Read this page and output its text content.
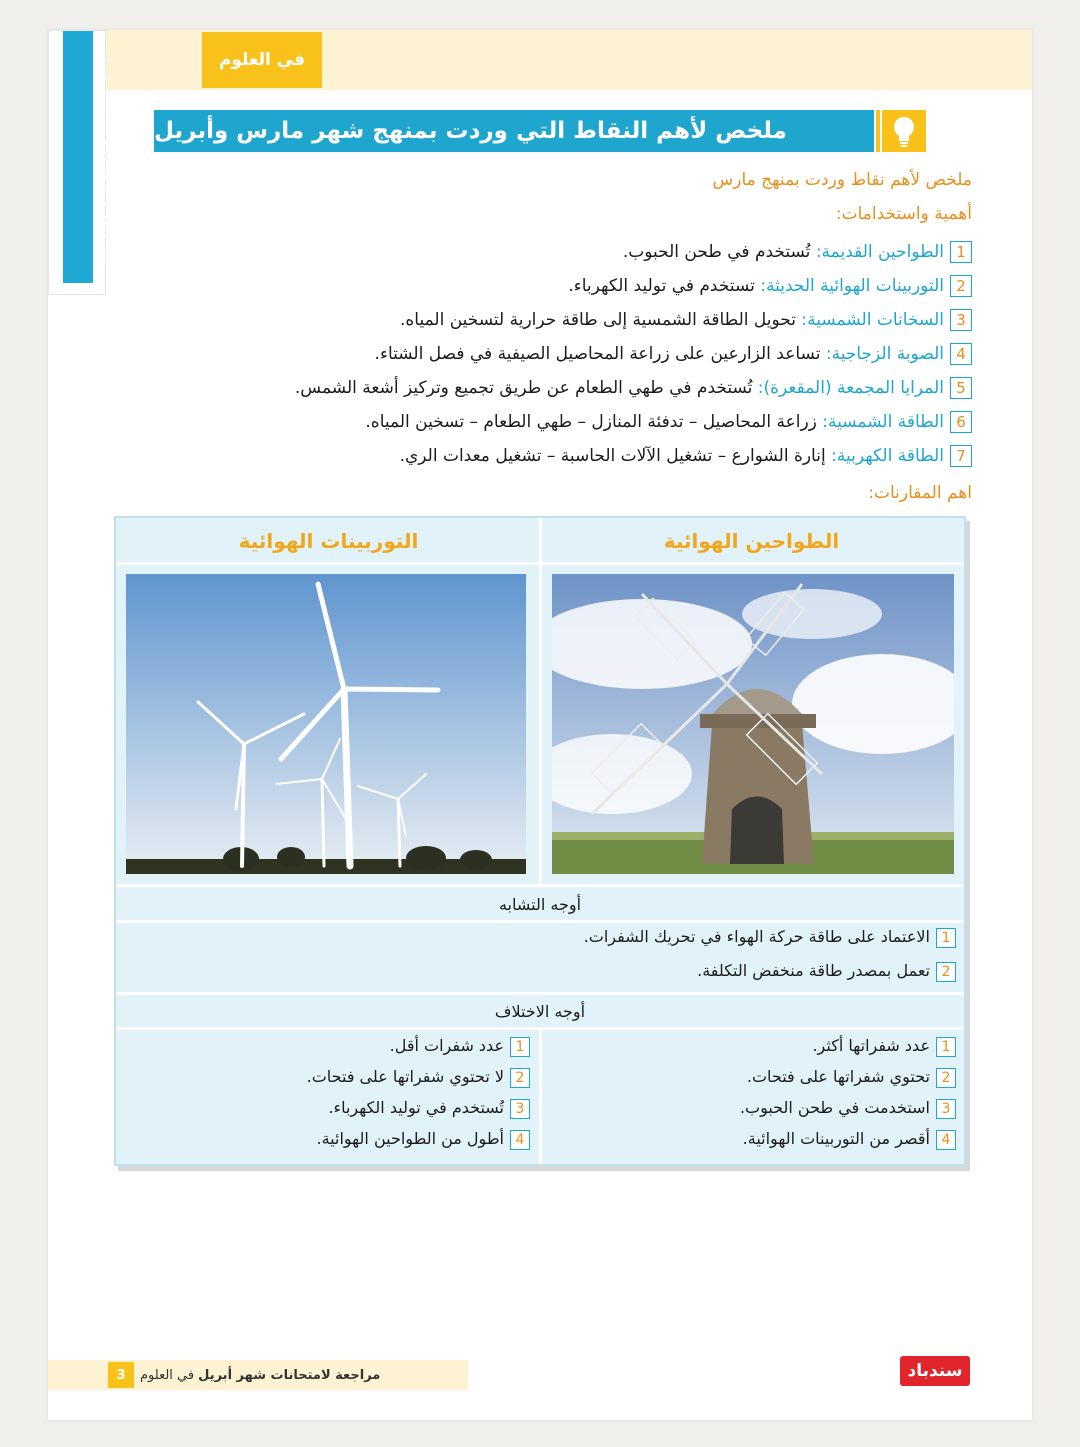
في العلوم
سندباد
مراجعة لامتحانات شهر أبريل ملخص لأهم النقاط التي وردت بمنهج شهر مارس وأبريل
ملخص لأهم نقاط وردت بمنهج مارس
أهمية واستخدامات:
1الطواحين القديمة: تُستخدم في طحن الحبوب.
2التوربينات الهوائية الحديثة: تستخدم في توليد الكهرباء.
3السخانات الشمسية: تحويل الطاقة الشمسية إلى طاقة حرارية لتسخين المياه.
4الصوبة الزجاجية: تساعد الزارعين على زراعة المحاصيل الصيفية في فصل الشتاء.
5المرايا المجمعة (المقعرة): تُستخدم في طهي الطعام عن طريق تجميع وتركيز أشعة الشمس.
6الطاقة الشمسية: زراعة المحاصيل – تدفئة المنازل – طهي الطعام – تسخين المياه.
7الطاقة الكهربية: إنارة الشوارع – تشغيل الآلات الحاسبة – تشغيل معدات الري.
اهم المقارنات:
الطواحين الهوائية
التوربينات الهوائية
أوجه التشابه
1الاعتماد على طاقة حركة الهواء في تحريك الشفرات.
2تعمل بمصدر طاقة منخفض التكلفة.
أوجه الاختلاف
1عدد شفراتها أكثر.
2تحتوي شفراتها على فتحات.
3استخدمت في طحن الحبوب.
4أقصر من التوربينات الهوائية.
1عدد شفرات أقل.
2لا تحتوي شفراتها على فتحات.
3تُستخدم في توليد الكهرباء.
4أطول من الطواحين الهوائية.
3	مراجعة لامتحانات شهر أبريل
في العلوم	سندباد
